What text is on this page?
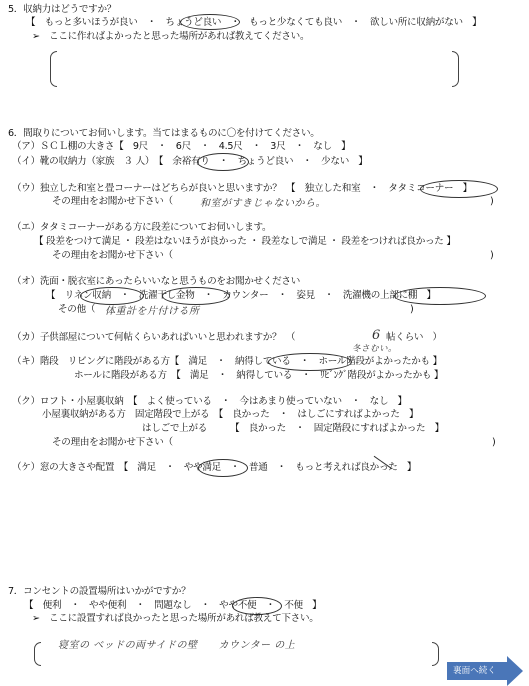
5．収納力はどうですか？
【　もっと多いほうが良い　・　ちょうど良い　・　もっと少なくても良い　・　欲しい所に収納がない　】
➢　ここに作ればよかったと思った場所があれば教えてください。
6．間取りについてお伺いします。当てはまるものに〇を付けてください。
（ア）ＳＣＬ棚の大きさ【　9尺　・　6尺　・　4.5尺　・　3尺　・　なし　】
（イ）靴の収納力（家族　３ 人）　【　余裕有り　・　ちょうど良い　・　少ない　】
（ウ）独立した和室と畳コーナーはどちらが良いと思いますか？　【　独立した和室　・　タタミコーナー　】
その理由をお聞かせ下さい（	和室がすきじゃないから。	)
（エ）タタミコーナーがある方に段差についてお伺いします。
【 段差をつけて満足 ・ 段差はないほうが良かった ・ 段差なしで満足 ・ 段差をつければ良かった 】
その理由をお聞かせ下さい（	)
（オ）洗面・脱衣室にあったらいいなと思うものをお聞かせください
【　リネン収納　・　洗濯干し金物　・　カウンター　・　姿見　・　洗濯機の上部に棚　】
その他（ 体重計を片付ける所	)
（カ）子供部屋について何帖くらいあればいいと思われますか？　（	6 帖くらい　）
冬さむい。
（キ）階段　リビングに階段がある方【　満足　・　納得している　・　ホール階段がよかったかも 】
ホールに階段がある方　【　満足　・　納得している　・　ﾘﾋﾞﾝｸﾞ階段がよかったかも 】
（ク）ロフト・小屋裏収納　【　よく使っている　・　今はあまり使っていない　・　なし　】
小屋裏収納がある方　固定階段で上がる　【　良かった　・　はしごにすればよかった　】
はしごで上がる　　　【　良かった　・　固定階段にすればよかった　】
その理由をお聞かせ下さい（	)
（ケ）窓の大きさや配置　【　満足　・　やや満足　・　普通　・　もっと考えれば良かった　】
7．コンセントの設置場所はいかがですか？
【　便利　・　やや便利　・　問題なし　・　やや不便　・　不便　】
➢　ここに設置すれば良かったと思った場所があれば教えて下さい。
寝室の ベッドの両サイドの壁　　カウンター の上
裏面へ続く
